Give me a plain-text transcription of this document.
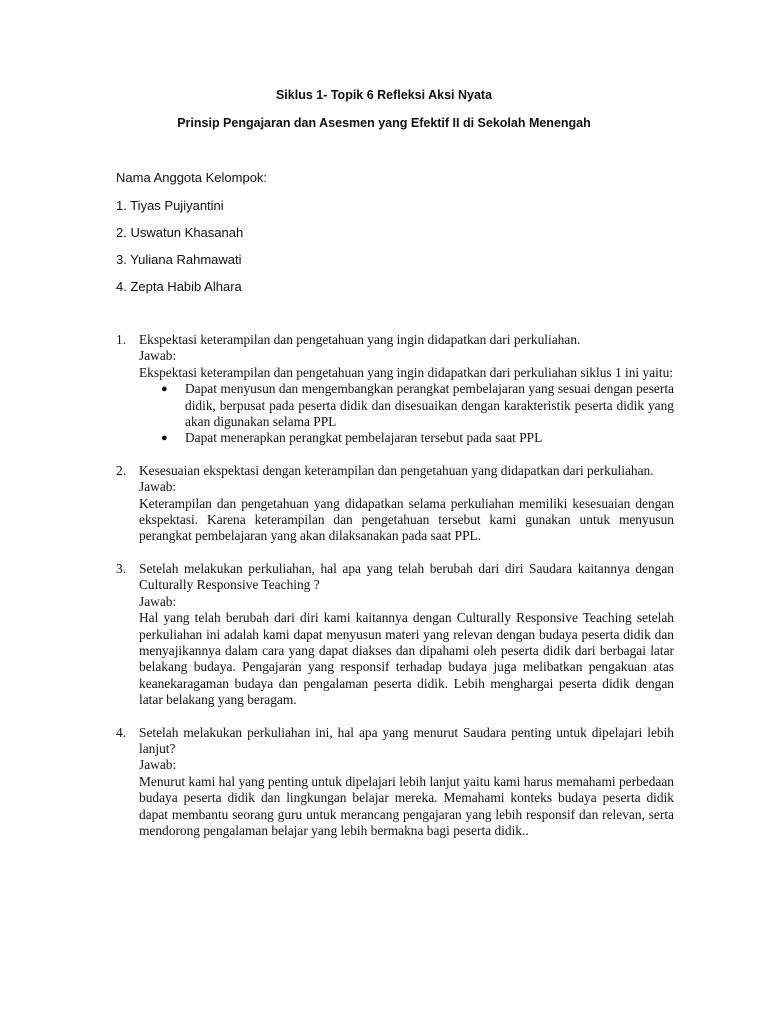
Siklus 1- Topik 6 Refleksi Aksi Nyata
Prinsip Pengajaran dan Asesmen yang Efektif II di Sekolah Menengah
Nama Anggota Kelompok:
1. Tiyas Pujiyantini
2. Uswatun Khasanah
3. Yuliana Rahmawati
4. Zepta Habib Alhara
1. Ekspektasi keterampilan dan pengetahuan yang ingin didapatkan dari perkuliahan.
Jawab:
Ekspektasi keterampilan dan pengetahuan yang ingin didapatkan dari perkuliahan siklus 1 ini yaitu:
● Dapat menyusun dan mengembangkan perangkat pembelajaran yang sesuai dengan peserta didik, berpusat pada peserta didik dan disesuaikan dengan karakteristik peserta didik yang akan digunakan selama PPL
● Dapat menerapkan perangkat pembelajaran tersebut pada saat PPL
2. Kesesuaian ekspektasi dengan keterampilan dan pengetahuan yang didapatkan dari perkuliahan.
Jawab:
Keterampilan dan pengetahuan yang didapatkan selama perkuliahan memiliki kesesuaian dengan ekspektasi. Karena keterampilan dan pengetahuan tersebut kami gunakan untuk menyusun perangkat pembelajaran yang akan dilaksanakan pada saat PPL.
3. Setelah melakukan perkuliahan, hal apa yang telah berubah dari diri Saudara kaitannya dengan Culturally Responsive Teaching ?
Jawab:
Hal yang telah berubah dari diri kami kaitannya dengan Culturally Responsive Teaching setelah perkuliahan ini adalah kami dapat menyusun materi yang relevan dengan budaya peserta didik dan menyajikannya dalam cara yang dapat diakses dan dipahami oleh peserta didik dari berbagai latar belakang budaya. Pengajaran yang responsif terhadap budaya juga melibatkan pengakuan atas keanekaragaman budaya dan pengalaman peserta didik. Lebih menghargai peserta didik dengan latar belakang yang beragam.
4. Setelah melakukan perkuliahan ini, hal apa yang menurut Saudara penting untuk dipelajari lebih lanjut?
Jawab:
Menurut kami hal yang penting untuk dipelajari lebih lanjut yaitu kami harus memahami perbedaan budaya peserta didik dan lingkungan belajar mereka. Memahami konteks budaya peserta didik dapat membantu seorang guru untuk merancang pengajaran yang lebih responsif dan relevan, serta mendorong pengalaman belajar yang lebih bermakna bagi peserta didik..
